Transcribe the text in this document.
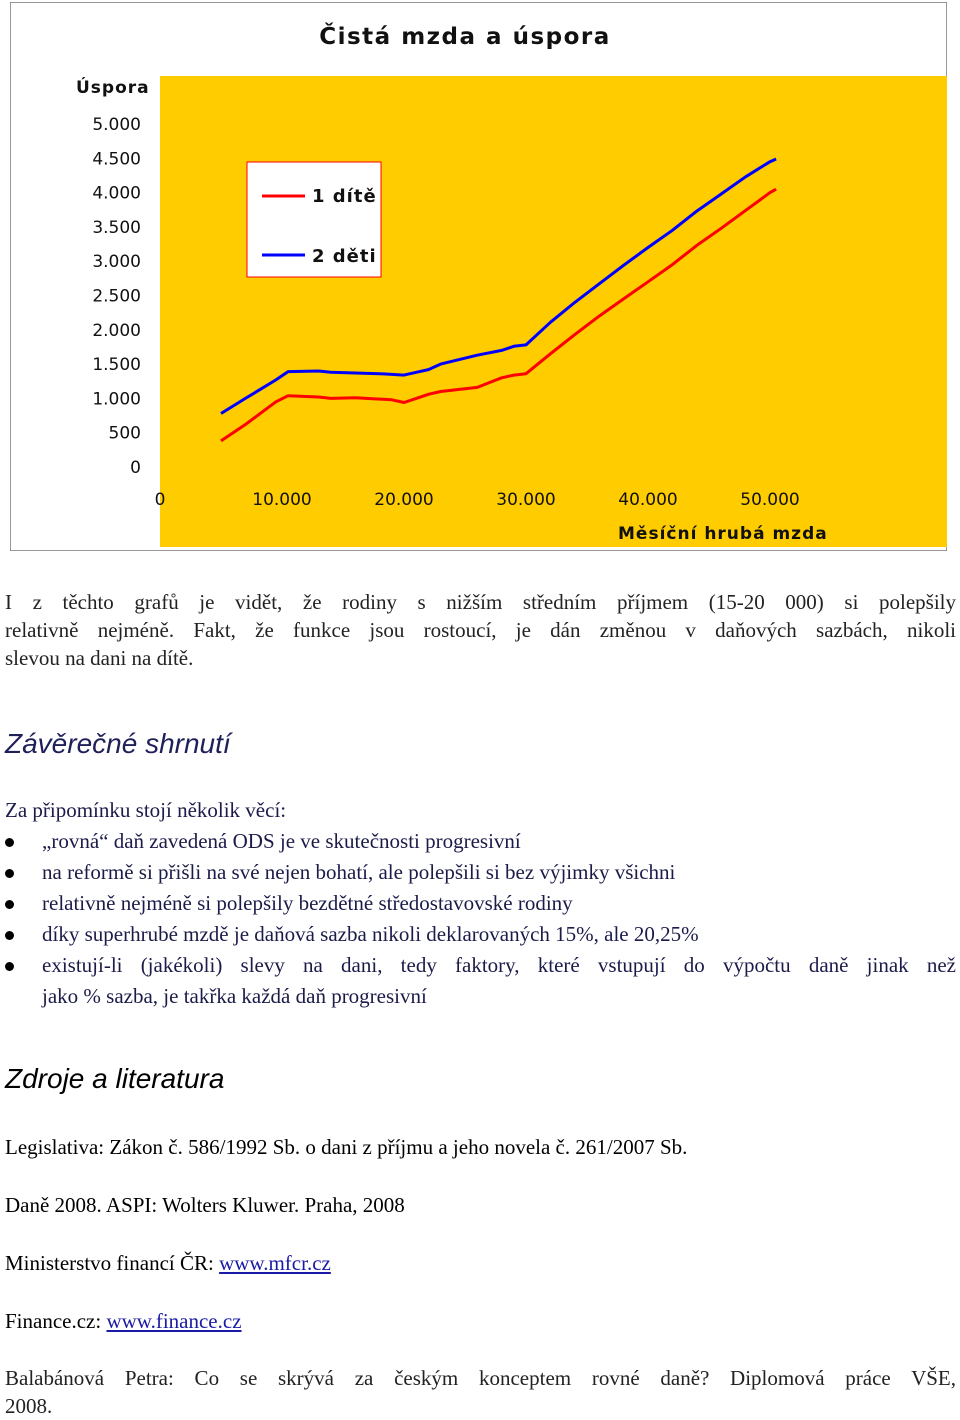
Čistá mzda a úspora
Úspora
Měsíční hrubá mzda
0
500
1.000
1.500
2.000
2.500
3.000
3.500
4.000
4.500
5.000
0	10.000	20.000	30.000	40.000	50.000
1 dítě
2 děti
I z těchto grafů je vidět, že rodiny s nižším středním příjmem (15-20 000) si polepšily
relativně nejméně. Fakt, že funkce jsou rostoucí, je dán změnou v daňových sazbách, nikoli
slevou na dani na dítě.
Závěrečné shrnutí
Za připomínku stojí několik věcí:
„rovná“ daň zavedená ODS je ve skutečnosti progresivní
na reformě si přišli na své nejen bohatí, ale polepšili si bez výjimky všichni
relativně nejméně si polepšily bezdětné středostavovské rodiny
díky superhrubé mzdě je daňová sazba nikoli deklarovaných 15%, ale 20,25%
existují-li (jakékoli) slevy na dani, tedy faktory, které vstupují do výpočtu daně jinak než
jako % sazba, je takřka každá daň progresivní
Zdroje a literatura
Legislativa: Zákon č. 586/1992 Sb. o dani z příjmu a jeho novela č. 261/2007 Sb.
Daně 2008. ASPI: Wolters Kluwer. Praha, 2008
Ministerstvo financí ČR: www.mfcr.cz
Finance.cz: www.finance.cz
Balabánová Petra: Co se skrývá za českým konceptem rovné daně? Diplomová práce VŠE,
2008.
